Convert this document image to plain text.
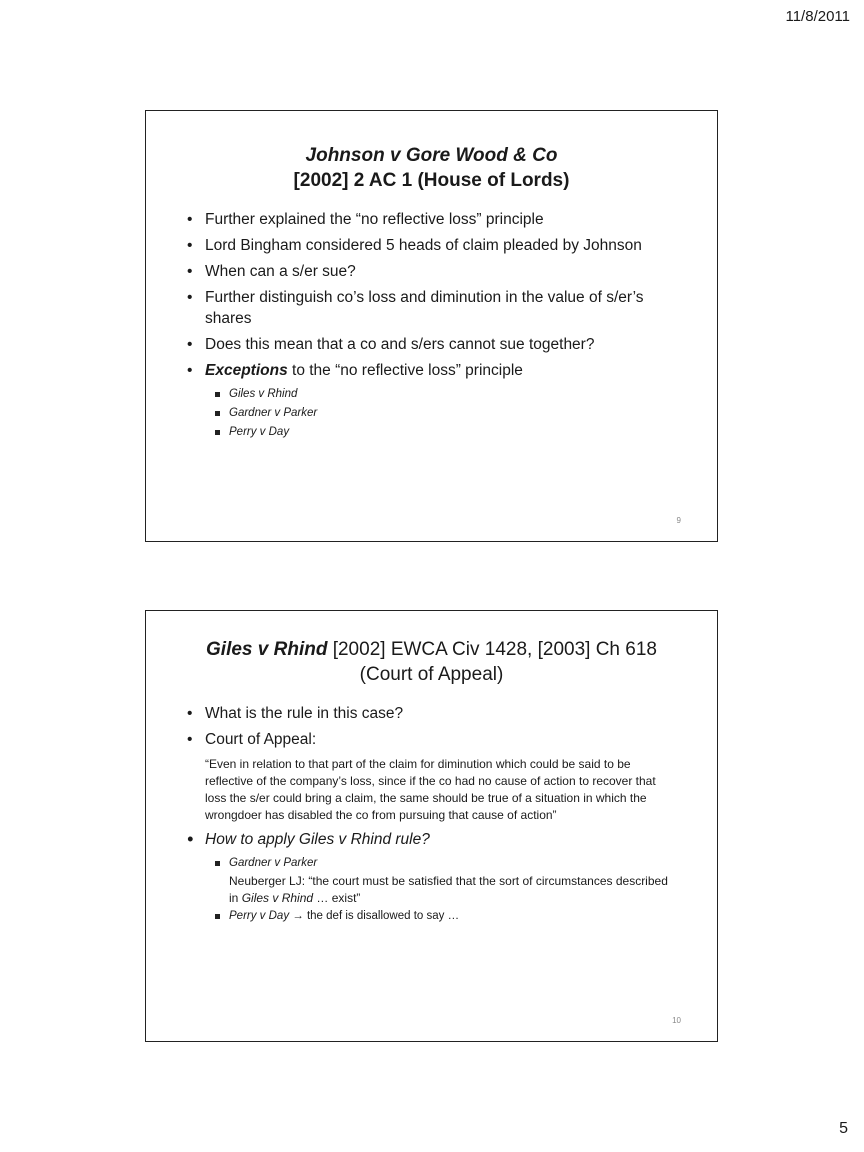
11/8/2011
Johnson v Gore Wood & Co
[2002] 2 AC 1 (House of Lords)
• Further explained the “no reflective loss” principle
• Lord Bingham considered 5 heads of claim pleaded by Johnson
• When can a s/er sue?
• Further distinguish co’s loss and diminution in the value of s/er’s shares
• Does this mean that a co and s/ers cannot sue together?
• Exceptions to the “no reflective loss” principle
Giles v Rhind
Gardner v Parker
Perry v Day
9
Giles v Rhind [2002] EWCA Civ 1428, [2003] Ch 618
(Court of Appeal)
• What is the rule in this case?
• Court of Appeal:
“Even in relation to that part of the claim for diminution which could be said to be reflective of the company’s loss, since if the co had no cause of action to recover that loss the s/er could bring a claim, the same should be true of a situation in which the wrongdoer has disabled the co from pursuing that cause of action”
• How to apply Giles v Rhind rule?
Gardner v Parker
Neuberger LJ: “the court must be satisfied that the sort of circumstances described in Giles v Rhind … exist”
Perry v Day → the def is disallowed to say …
10
5
